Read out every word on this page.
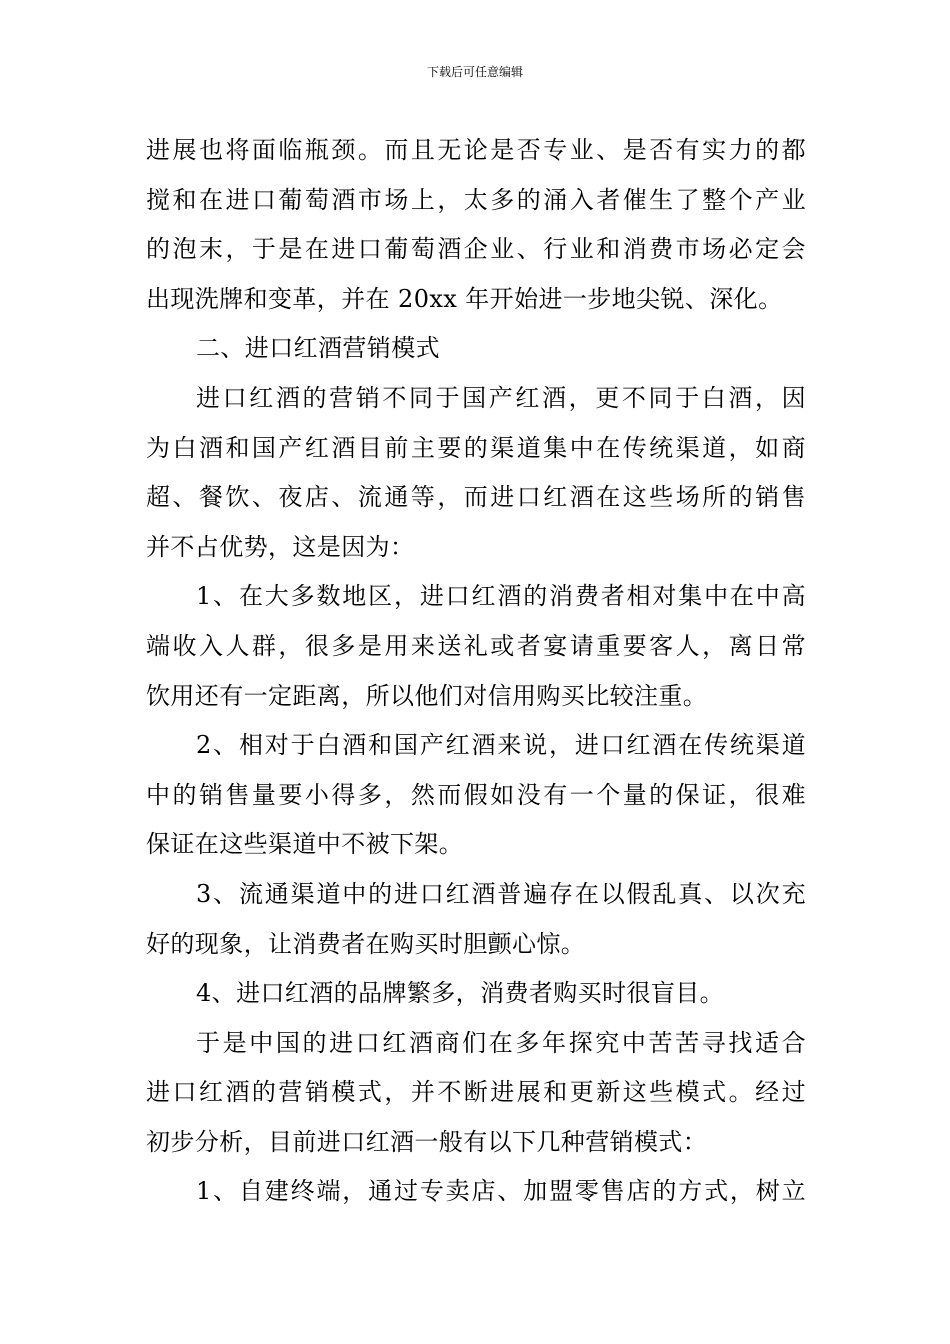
下载后可任意编辑
进展也将面临瓶颈。而且无论是否专业、是否有实力的都
搅和在进口葡萄酒市场上，太多的涌入者催生了整个产业
的泡末，于是在进口葡萄酒企业、行业和消费市场必定会
出现洗牌和变革，并在 20xx 年开始进一步地尖锐、深化。
二、进口红酒营销模式
进口红酒的营销不同于国产红酒，更不同于白酒，因
为白酒和国产红酒目前主要的渠道集中在传统渠道，如商
超、餐饮、夜店、流通等，而进口红酒在这些场所的销售
并不占优势，这是因为：
1、在大多数地区，进口红酒的消费者相对集中在中高
端收入人群，很多是用来送礼或者宴请重要客人，离日常
饮用还有一定距离，所以他们对信用购买比较注重。
2、相对于白酒和国产红酒来说，进口红酒在传统渠道
中的销售量要小得多，然而假如没有一个量的保证，很难
保证在这些渠道中不被下架。
3、流通渠道中的进口红酒普遍存在以假乱真、以次充
好的现象，让消费者在购买时胆颤心惊。
4、进口红酒的品牌繁多，消费者购买时很盲目。
于是中国的进口红酒商们在多年探究中苦苦寻找适合
进口红酒的营销模式，并不断进展和更新这些模式。经过
初步分析，目前进口红酒一般有以下几种营销模式：
1、自建终端，通过专卖店、加盟零售店的方式，树立
